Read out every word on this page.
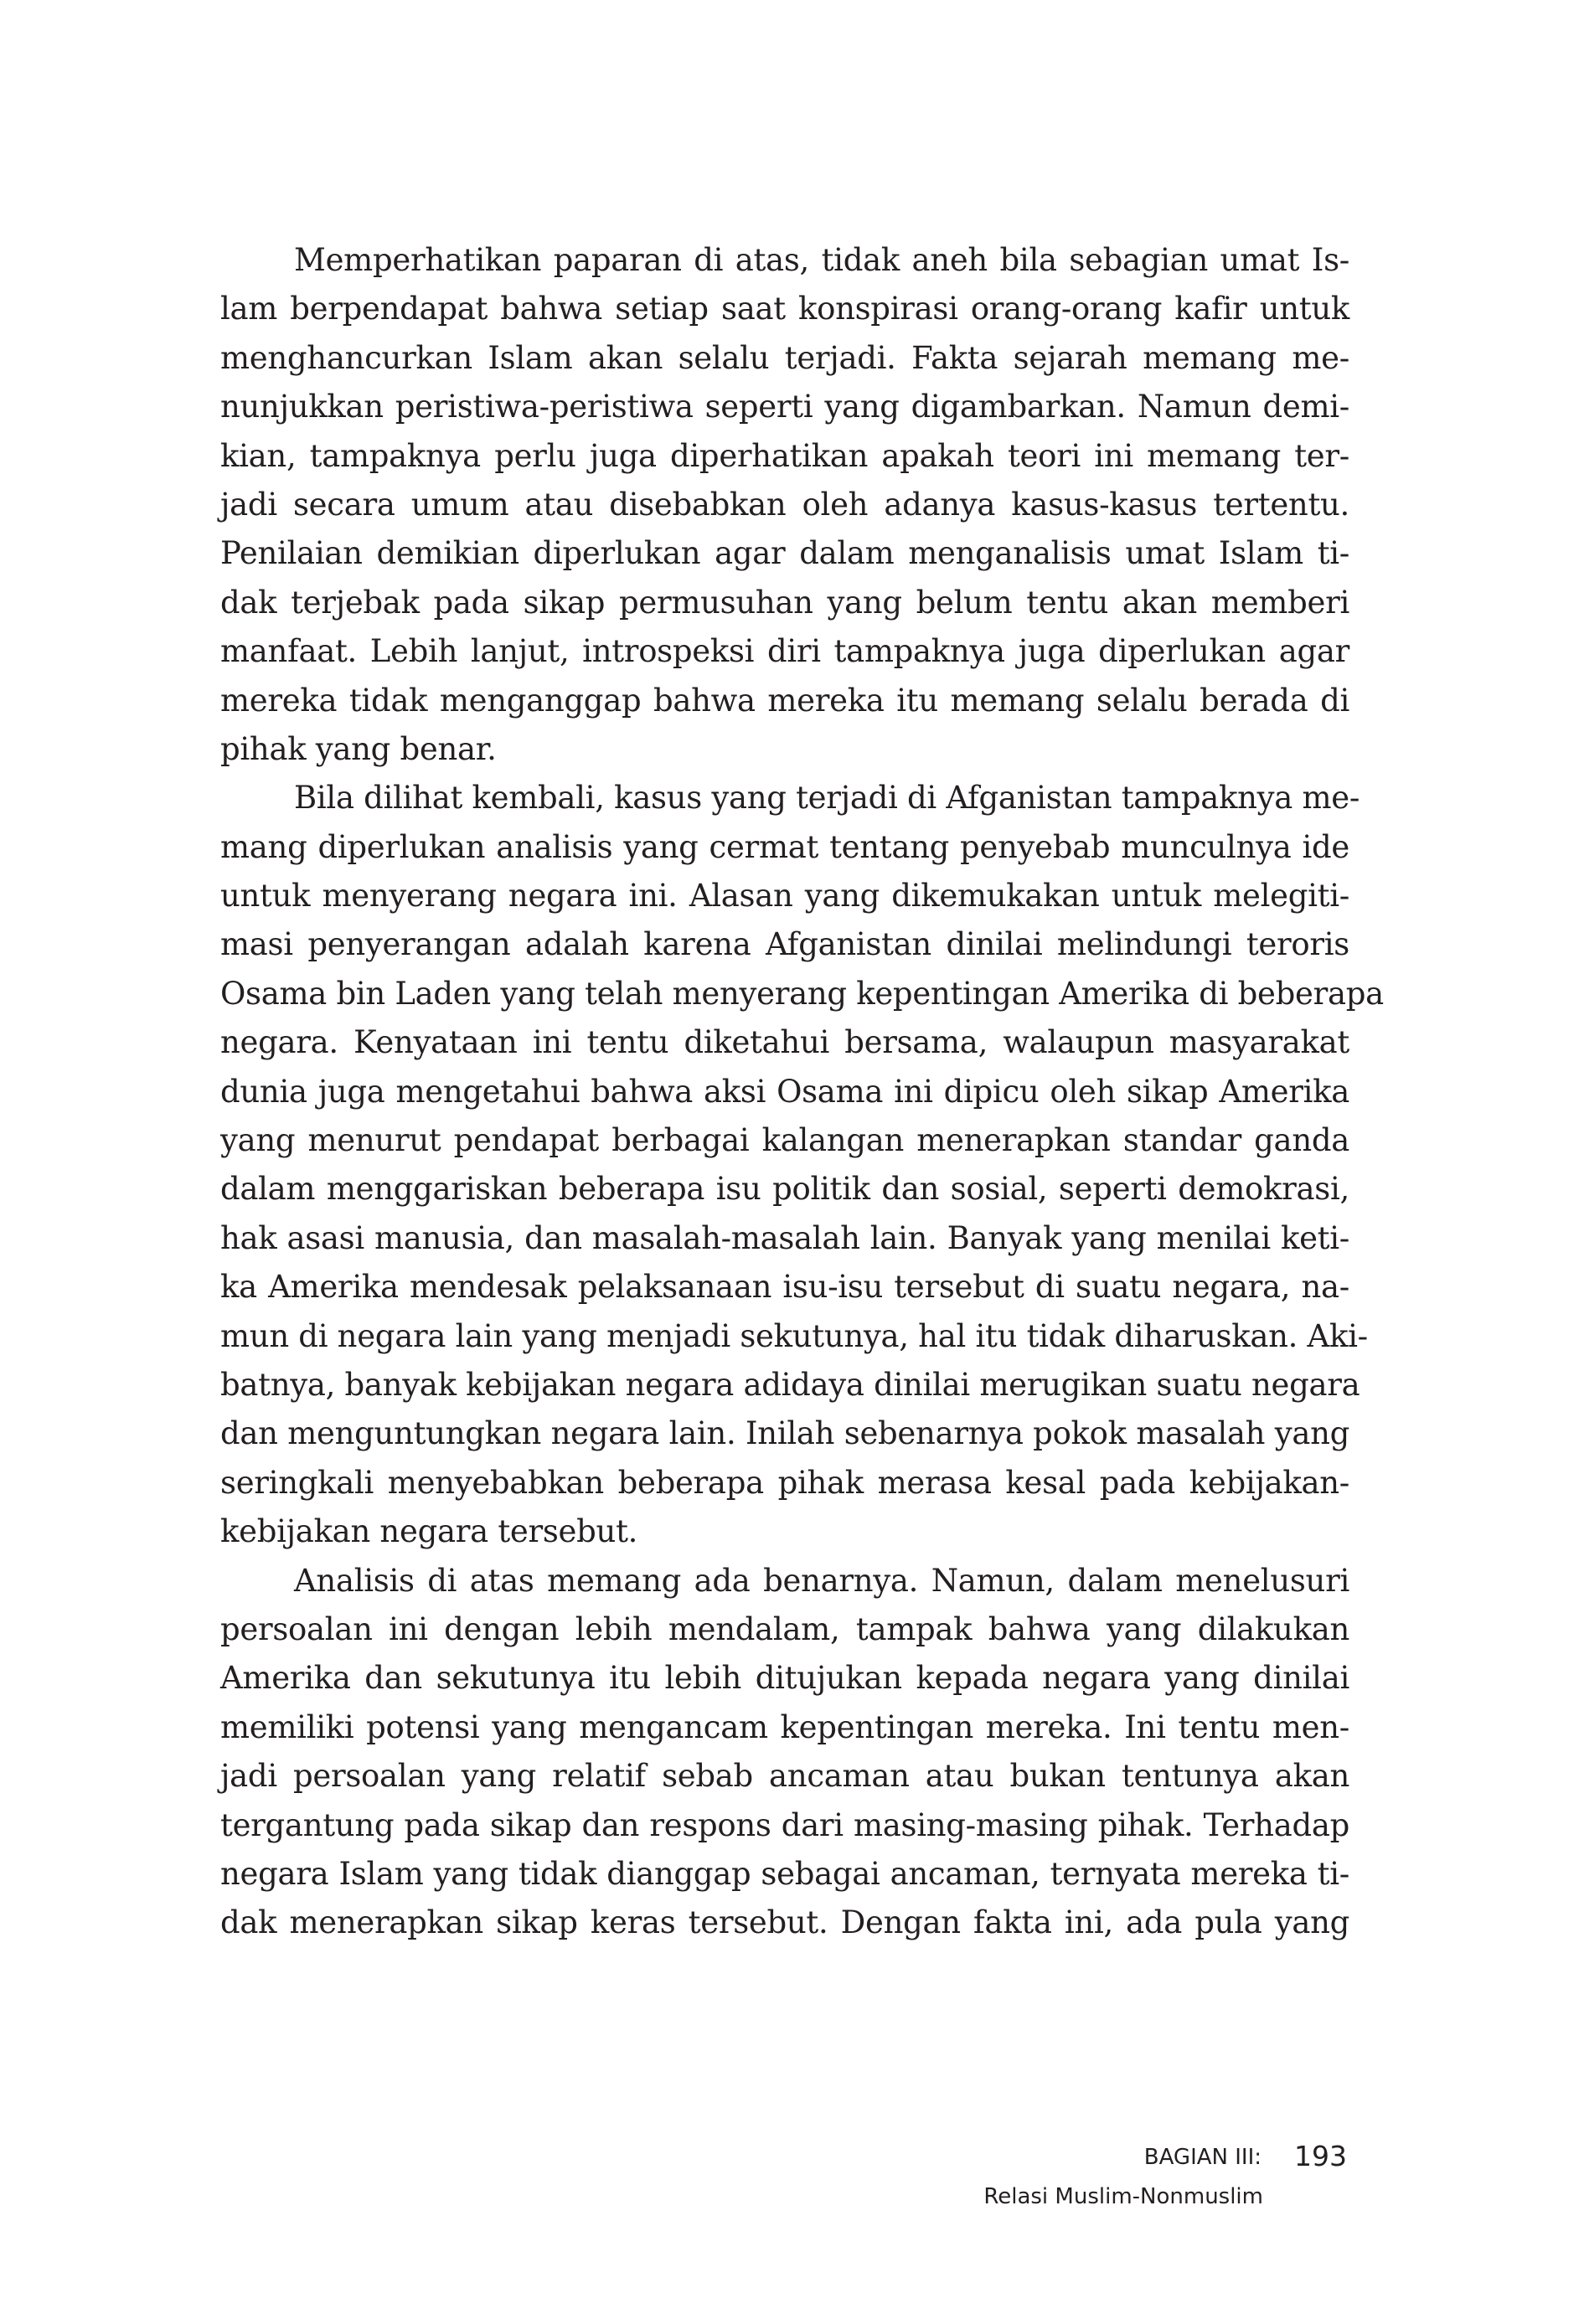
Memperhatikan paparan di atas, tidak aneh bila sebagian umat Is-
lam berpendapat bahwa setiap saat konspirasi orang-orang kafir untuk
menghancurkan Islam akan selalu terjadi. Fakta sejarah memang me-
nunjukkan peristiwa-peristiwa seperti yang digambarkan. Namun demi-
kian, tampaknya perlu juga diperhatikan apakah teori ini memang ter-
jadi secara umum atau disebabkan oleh adanya kasus-kasus tertentu.
Penilaian demikian diperlukan agar dalam menganalisis umat Islam ti-
dak terjebak pada sikap permusuhan yang belum tentu akan memberi
manfaat. Lebih lanjut, introspeksi diri tampaknya juga diperlukan agar
mereka tidak menganggap bahwa mereka itu memang selalu berada di
pihak yang benar.
Bila dilihat kembali, kasus yang terjadi di Afganistan tampaknya me-
mang diperlukan analisis yang cermat tentang penyebab munculnya ide
untuk menyerang negara ini. Alasan yang dikemukakan untuk melegiti-
masi penyerangan adalah karena Afganistan dinilai melindungi teroris
Osama bin Laden yang telah menyerang kepentingan Amerika di beberapa
negara. Kenyataan ini tentu diketahui bersama, walaupun masyarakat
dunia juga mengetahui bahwa aksi Osama ini dipicu oleh sikap Amerika
yang menurut pendapat berbagai kalangan menerapkan standar ganda
dalam menggariskan beberapa isu politik dan sosial, seperti demokrasi,
hak asasi manusia, dan masalah-masalah lain. Banyak yang menilai keti-
ka Amerika mendesak pelaksanaan isu-isu tersebut di suatu negara, na-
mun di negara lain yang menjadi sekutunya, hal itu tidak diharuskan. Aki-
batnya, banyak kebijakan negara adidaya dinilai merugikan suatu negara
dan menguntungkan negara lain. Inilah sebenarnya pokok masalah yang
seringkali menyebabkan beberapa pihak merasa kesal pada kebijakan-
kebijakan negara tersebut.
Analisis di atas memang ada benarnya. Namun, dalam menelusuri
persoalan ini dengan lebih mendalam, tampak bahwa yang dilakukan
Amerika dan sekutunya itu lebih ditujukan kepada negara yang dinilai
memiliki potensi yang mengancam kepentingan mereka. Ini tentu men-
jadi persoalan yang relatif sebab ancaman atau bukan tentunya akan
tergantung pada sikap dan respons dari masing-masing pihak. Terhadap
negara Islam yang tidak dianggap sebagai ancaman, ternyata mereka ti-
dak menerapkan sikap keras tersebut. Dengan fakta ini, ada pula yang
BAGIAN III:
Relasi Muslim-Nonmuslim
193
